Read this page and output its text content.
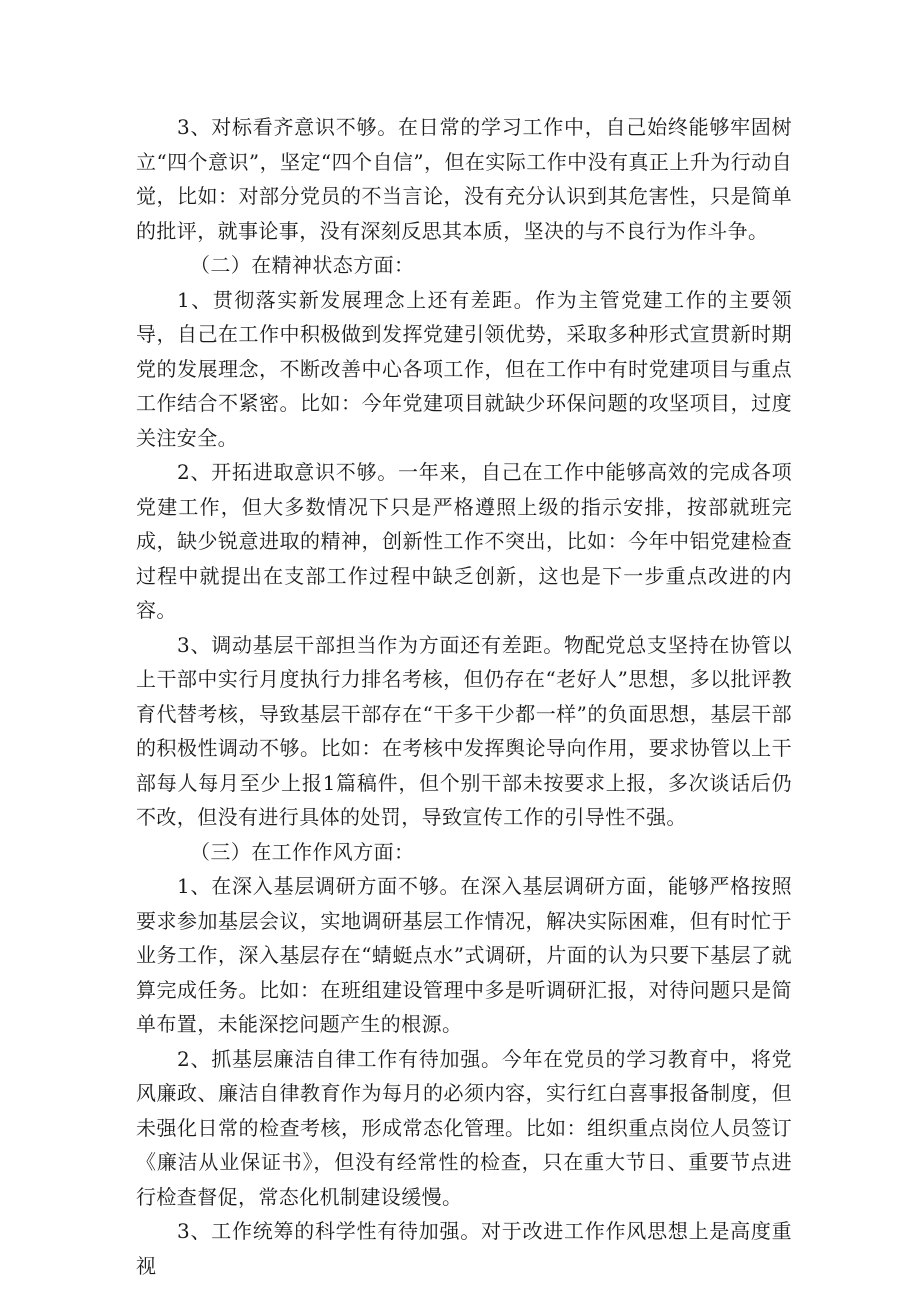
3、对标看齐意识不够。在日常的学习工作中，自己始终能够牢固树立“四个意识”，坚定“四个自信”，但在实际工作中没有真正上升为行动自觉，比如：对部分党员的不当言论，没有充分认识到其危害性，只是简单的批评，就事论事，没有深刻反思其本质，坚决的与不良行为作斗争。

（二）在精神状态方面：

1、贯彻落实新发展理念上还有差距。作为主管党建工作的主要领导，自己在工作中积极做到发挥党建引领优势，采取多种形式宣贯新时期党的发展理念，不断改善中心各项工作，但在工作中有时党建项目与重点工作结合不紧密。比如：今年党建项目就缺少环保问题的攻坚项目，过度关注安全。

2、开拓进取意识不够。一年来，自己在工作中能够高效的完成各项党建工作，但大多数情况下只是严格遵照上级的指示安排，按部就班完成，缺少锐意进取的精神，创新性工作不突出，比如：今年中铝党建检查过程中就提出在支部工作过程中缺乏创新，这也是下一步重点改进的内容。

3、调动基层干部担当作为方面还有差距。物配党总支坚持在协管以上干部中实行月度执行力排名考核，但仍存在“老好人”思想，多以批评教育代替考核，导致基层干部存在“干多干少都一样”的负面思想，基层干部的积极性调动不够。比如：在考核中发挥舆论导向作用，要求协管以上干部每人每月至少上报1篇稿件，但个别干部未按要求上报，多次谈话后仍不改，但没有进行具体的处罚，导致宣传工作的引导性不强。

（三）在工作作风方面：

1、在深入基层调研方面不够。在深入基层调研方面，能够严格按照要求参加基层会议，实地调研基层工作情况，解决实际困难，但有时忙于业务工作，深入基层存在“蜻蜓点水”式调研，片面的认为只要下基层了就算完成任务。比如：在班组建设管理中多是听调研汇报，对待问题只是简单布置，未能深挖问题产生的根源。

2、抓基层廉洁自律工作有待加强。今年在党员的学习教育中，将党风廉政、廉洁自律教育作为每月的必须内容，实行红白喜事报备制度，但未强化日常的检查考核，形成常态化管理。比如：组织重点岗位人员签订《廉洁从业保证书》，但没有经常性的检查，只在重大节日、重要节点进行检查督促，常态化机制建设缓慢。

3、工作统筹的科学性有待加强。对于改进工作作风思想上是高度重视
